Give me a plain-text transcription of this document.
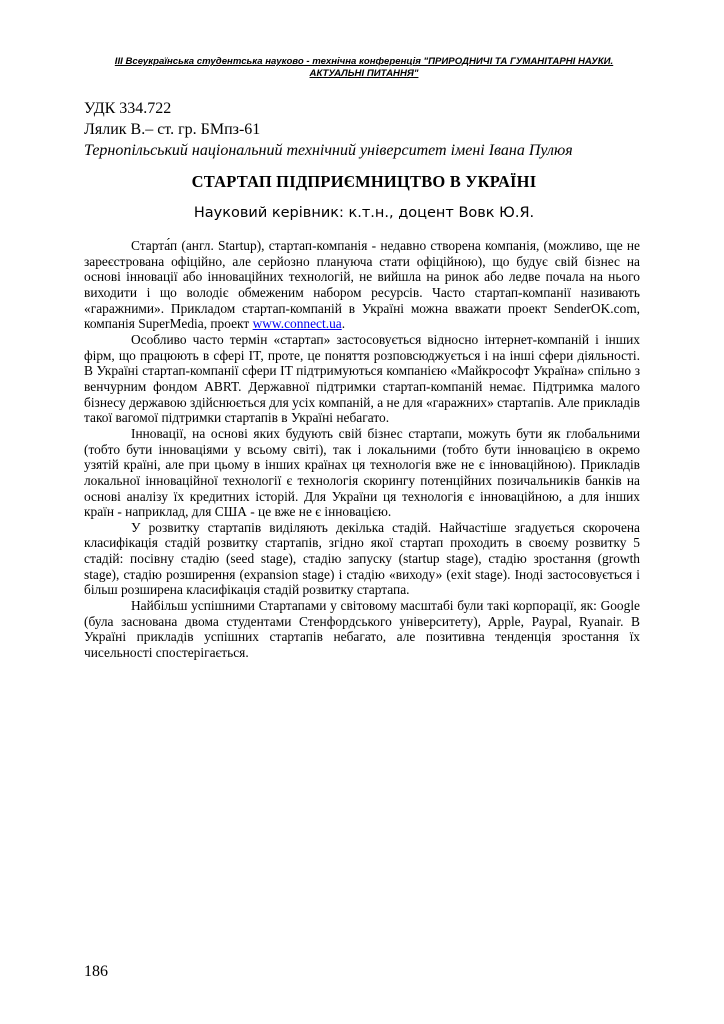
ІІІ Всеукраїнська студентська науково - технічна конференція "ПРИРОДНИЧІ ТА ГУМАНІТАРНІ НАУКИ.
АКТУАЛЬНІ ПИТАННЯ"
УДК 334.722
Лялик В.– ст. гр. БМпз-61
Тернопільський національний технічний університет імені Івана Пулюя
СТАРТАП ПІДПРИЄМНИЦТВО В УКРАЇНІ
Науковий керівник: к.т.н., доцент Вовк Ю.Я.

Старта́п (англ. Startup), стартап-компанія - недавно створена компанія, (можливо, ще не зареєстрована офіційно, але серйозно плануюча стати офіційною), що будує свій бізнес на основі інновації або інноваційних технологій, не вийшла на ринок або ледве почала на нього виходити і що володіє обмеженим набором ресурсів. Часто стартап-компанії називають «гаражними». Прикладом стартап-компаній в Україні можна вважати проект SenderOK.com, компанія SuperMedia, проект www.connect.ua.

Особливо часто термін «стартап» застосовується відносно інтернет-компаній і інших фірм, що працюють в сфері IT, проте, це поняття розповсюджується і на інші сфери діяльності. В Україні стартап-компанії сфери IT підтримуються компанією «Майкрософт Україна» спільно з венчурним фондом ABRT. Державної підтримки стартап-компаній немає. Підтримка малого бізнесу державою здійснюється для усіх компаній, а не для «гаражних» стартапів. Але прикладів такої вагомої підтримки стартапів в Україні небагато.

Інновації, на основі яких будують свій бізнес стартапи, можуть бути як глобальними (тобто бути інноваціями у всьому світі), так і локальними (тобто бути інновацією в окремо узятій країні, але при цьому в інших країнах ця технологія вже не є інноваційною). Прикладів локальної інноваційної технології є технологія скорингу потенційних позичальників банків на основі аналізу їх кредитних історій. Для України ця технологія є інноваційною, а для інших країн - наприклад, для США - це вже не є інновацією.

У розвитку стартапів виділяють декілька стадій. Найчастіше згадується скорочена класифікація стадій розвитку стартапів, згідно якої стартап проходить в своєму розвитку 5 стадій: посівну стадію (seed stage), стадію запуску (startup stage), стадію зростання (growth stage), стадію розширення (expansion stage) і стадію «виходу» (exit stage). Іноді застосовується і більш розширена класифікація стадій розвитку стартапа.

Найбільш успішними Стартапами у світовому масштабі були такі корпорації, як: Google (була заснована двома студентами Стенфордського університету), Apple, Paypal, Ryanair. В Україні прикладів успішних стартапів небагато, але позитивна тенденція зростання їх чисельності спостерігається.

186
